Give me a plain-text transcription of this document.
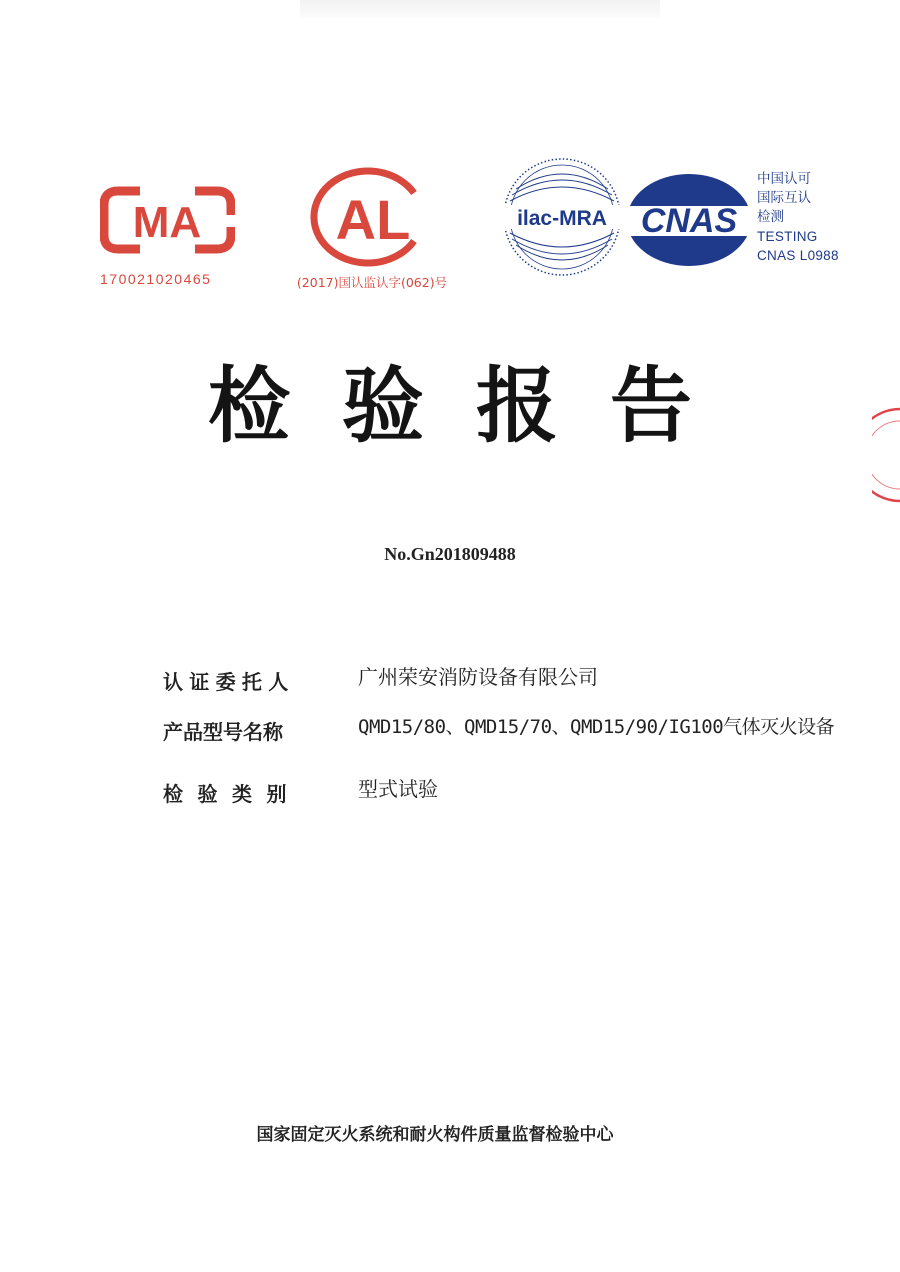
MA
170021020465
AL
(2017)国认监认字(062)号
ilac-MRA CNAS
中国认可
国际互认
检测
TESTING
CNAS L0988
检验报告
No.Gn201809488
认证委托人	广州荣安消防设备有限公司
产品型号名称	QMD15/80、QMD15/70、QMD15/90/IG100气体灭火设备
检验类别	型式试验
国家固定灭火系统和耐火构件质量监督检验中心
